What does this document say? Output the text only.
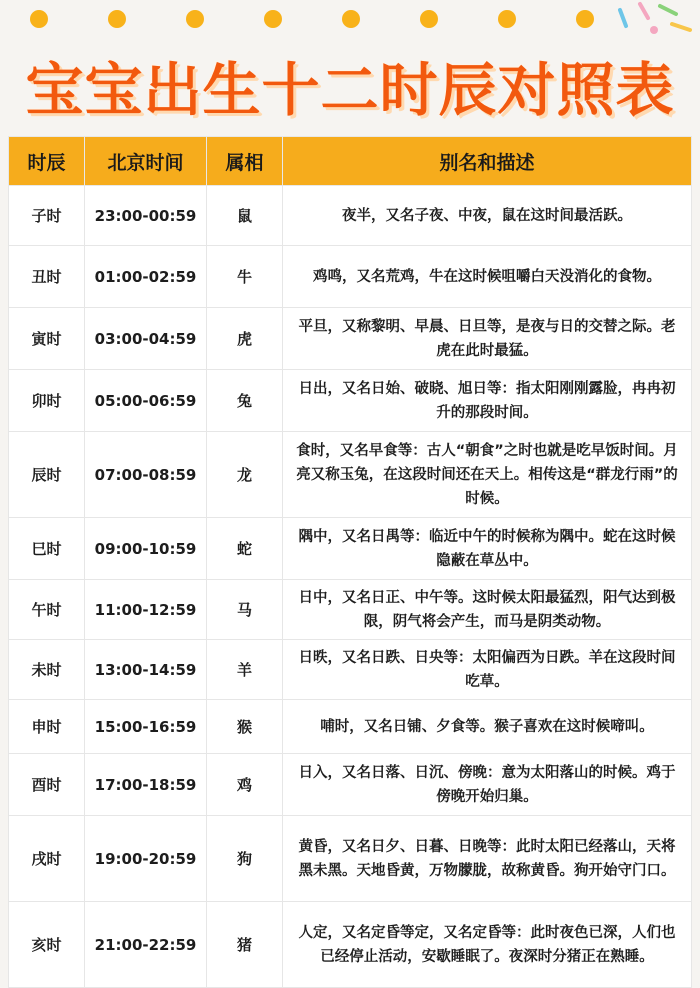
宝宝出生十二时辰对照表
时辰	北京时间	属相	别名和描述
子时	23:00-00:59	鼠	夜半，又名子夜、中夜，鼠在这时间最活跃。
丑时	01:00-02:59	牛	鸡鸣，又名荒鸡，牛在这时候咀嚼白天没消化的食物。
寅时	03:00-04:59	虎	平旦，又称黎明、早晨、日旦等，是夜与日的交替之际。老虎在此时最猛。
卯时	05:00-06:59	兔	日出，又名日始、破晓、旭日等：指太阳刚刚露脸，冉冉初升的那段时间。
辰时	07:00-08:59	龙	食时，又名早食等：古人“朝食”之时也就是吃早饭时间。月亮又称玉兔，在这段时间还在天上。相传这是“群龙行雨”的时候。
巳时	09:00-10:59	蛇	隅中，又名日禺等：临近中午的时候称为隅中。蛇在这时候隐蔽在草丛中。
午时	11:00-12:59	马	日中，又名日正、中午等。这时候太阳最猛烈，阳气达到极限，阴气将会产生，而马是阴类动物。
未时	13:00-14:59	羊	日昳，又名日跌、日央等：太阳偏西为日跌。羊在这段时间吃草。
申时	15:00-16:59	猴	哺时，又名日铺、夕食等。猴子喜欢在这时候啼叫。
酉时	17:00-18:59	鸡	日入，又名日落、日沉、傍晚：意为太阳落山的时候。鸡于傍晚开始归巢。
戌时	19:00-20:59	狗	黄昏，又名日夕、日暮、日晚等：此时太阳已经落山，天将黑未黑。天地昏黄，万物朦胧，故称黄昏。狗开始守门口。
亥时	21:00-22:59	猪	人定，又名定昏等定，又名定昏等：此时夜色已深，人们也已经停止活动，安歇睡眠了。夜深时分猪正在熟睡。
